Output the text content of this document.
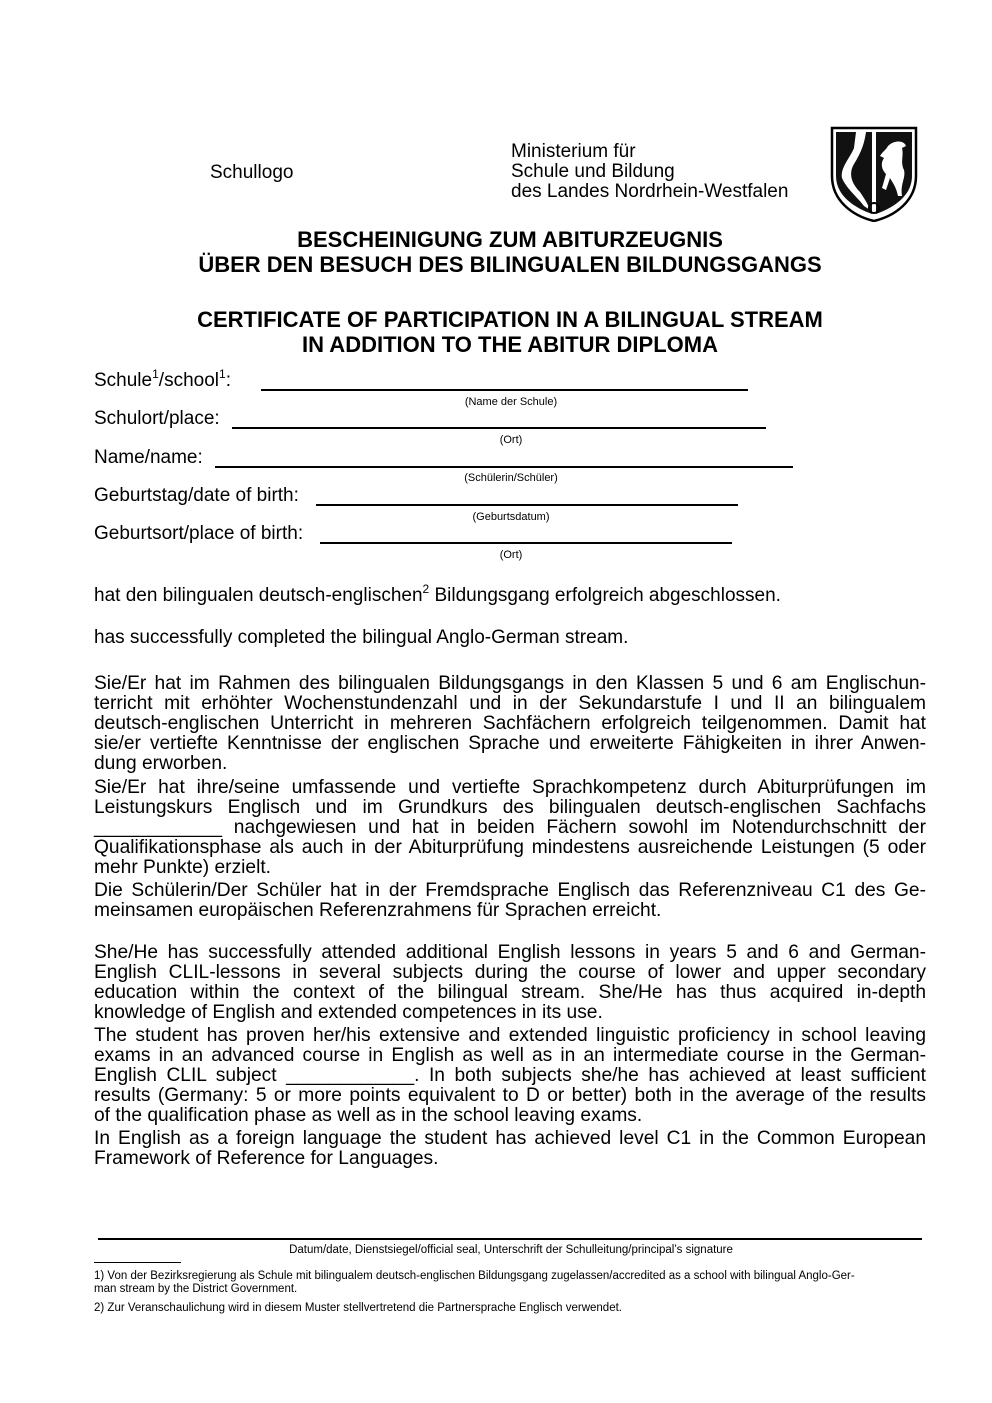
Schullogo
Ministerium für
Schule und Bildung
des Landes Nordrhein-Westfalen
BESCHEINIGUNG ZUM ABITURZEUGNIS
ÜBER DEN BESUCH DES BILINGUALEN BILDUNGSGANGS
CERTIFICATE OF PARTICIPATION IN A BILINGUAL STREAM
IN ADDITION TO THE ABITUR DIPLOMA
Schule$^1$/school$^1$:
(Name der Schule)
Schulort/place:
(Ort)
Name/name:
(Schülerin/Schüler)
Geburtstag/date of birth:
(Geburtsdatum)
Geburtsort/place of birth:
(Ort)
hat den bilingualen deutsch-englischen$^2$ Bildungsgang erfolgreich abgeschlossen.
has successfully completed the bilingual Anglo-German stream.
Sie/Er hat im Rahmen des bilingualen Bildungsgangs in den Klassen 5 und 6 am Englischun-
terricht mit erhöhter Wochenstundenzahl und in der Sekundarstufe I und II an bilingualem
deutsch-englischen Unterricht in mehreren Sachfächern erfolgreich teilgenommen. Damit hat
sie/er vertiefte Kenntnisse der englischen Sprache und erweiterte Fähigkeiten in ihrer Anwen-
dung erworben.
Sie/Er hat ihre/seine umfassende und vertiefte Sprachkompetenz durch Abiturprüfungen im
Leistungskurs Englisch und im Grundkurs des bilingualen deutsch-englischen Sachfachs
____________ nachgewiesen und hat in beiden Fächern sowohl im Notendurchschnitt der
Qualifikationsphase als auch in der Abiturprüfung mindestens ausreichende Leistungen (5 oder
mehr Punkte) erzielt.
Die Schülerin/Der Schüler hat in der Fremdsprache Englisch das Referenzniveau C1 des Ge-
meinsamen europäischen Referenzrahmens für Sprachen erreicht.
She/He has successfully attended additional English lessons in years 5 and 6 and German-
English CLIL-lessons in several subjects during the course of lower and upper secondary
education within the context of the bilingual stream. She/He has thus acquired in-depth
knowledge of English and extended competences in its use.
The student has proven her/his extensive and extended linguistic proficiency in school leaving
exams in an advanced course in English as well as in an intermediate course in the German-
English CLIL subject ____________. In both subjects she/he has achieved at least sufficient
results (Germany: 5 or more points equivalent to D or better) both in the average of the results
of the qualification phase as well as in the school leaving exams.
In English as a foreign language the student has achieved level C1 in the Common European
Framework of Reference for Languages.
Datum/date, Dienstsiegel/official seal, Unterschrift der Schulleitung/principal’s signature
1) Von der Bezirksregierung als Schule mit bilingualem deutsch-englischen Bildungsgang zugelassen/accredited as a school with bilingual Anglo-Ger-
man stream by the District Government.
2) Zur Veranschaulichung wird in diesem Muster stellvertretend die Partnersprache Englisch verwendet.
